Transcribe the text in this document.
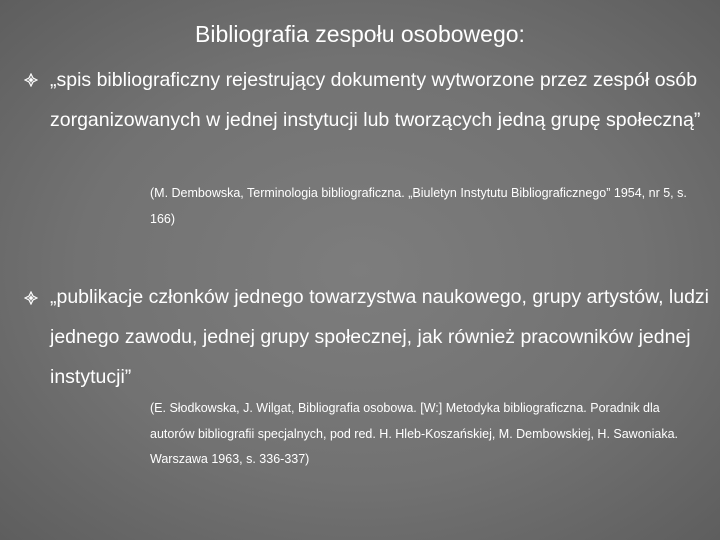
Bibliografia zespołu osobowego:

„spis bibliograficzny rejestrujący dokumenty wytworzone przez zespół osób zorganizowanych w jednej instytucji lub tworzących jedną grupę społeczną”

(M. Dembowska, Terminologia bibliograficzna. „Biuletyn Instytutu Bibliograficznego” 1954, nr 5, s. 166)

„publikacje członków jednego towarzystwa naukowego, grupy artystów, ludzi jednego zawodu, jednej grupy społecznej, jak również pracowników jednej instytucji”

(E. Słodkowska, J. Wilgat, Bibliografia osobowa. [W:] Metodyka bibliograficzna. Poradnik dla autorów bibliografii specjalnych, pod red. H. Hleb-Koszańskiej, M. Dembowskiej, H. Sawoniaka. Warszawa 1963, s. 336-337)
